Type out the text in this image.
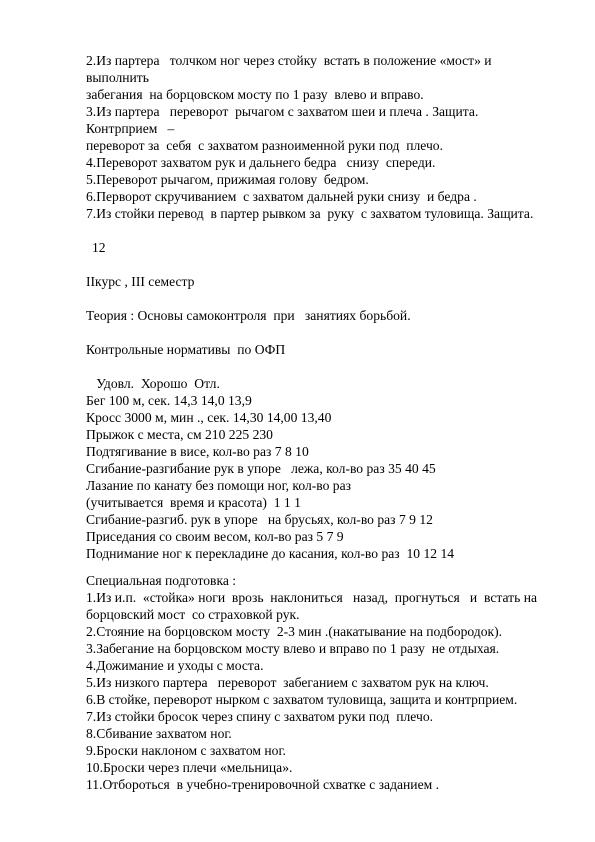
2.Из партера   толчком ног через стойку  встать в положение «мост» и

выполнить

забегания  на борцовском мосту по 1 разу  влево и вправо.

3.Из партера   переворот  рычагом с захватом шеи и плеча . Защита.

Контрприем   –

переворот за  себя  с захватом разноименной руки под  плечо.

4.Переворот захватом рук и дальнего бедра   снизу  спереди.

5.Переворот рычагом, прижимая голову  бедром.

6.Перворот скручиванием  с захватом дальней руки снизу  и бедра .

7.Из стойки перевод  в партер рывком за  руку  с захватом туловища. Защита.

12

IIкурс , III семестр

Теория : Основы самоконтроля  при   занятиях борьбой.

Контрольные нормативы  по ОФП

Удовл.  Хорошо  Отл.

Бег 100 м, сек. 14,3 14,0 13,9

Кросс 3000 м, мин ., сек. 14,30 14,00 13,40

Прыжок с места, см 210 225 230

Подтягивание в висе, кол-во раз 7 8 10

Сгибание-разгибание рук в упоре   лежа, кол-во раз 35 40 45

Лазание по канату без помощи ног, кол-во раз

(учитывается  время и красота)  1 1 1

Сгибание-разгиб. рук в упоре   на брусьях, кол-во раз 7 9 12

Приседания со своим весом, кол-во раз 5 7 9

Поднимание ног к перекладине до касания, кол-во раз  10 12 14

Специальная подготовка :

1.Из и.п.  «стойка» ноги  врозь  наклониться   назад,  прогнуться   и  встать на

борцовский мост  со страховкой рук.

2.Стояние на борцовском мосту  2-3 мин .(накатывание на подбородок).

3.Забегание на борцовском мосту влево и вправо по 1 разу  не отдыхая.

4.Дожимание и уходы с моста.

5.Из низкого партера   переворот  забеганием с захватом рук на ключ.

6.В стойке, переворот нырком с захватом туловища, защита и контрприем.

7.Из стойки бросок через спину с захватом руки под  плечо.

8.Сбивание захватом ног.

9.Броски наклоном с захватом ног.

10.Броски через плечи «мельница».

11.Отбороться  в учебно-тренировочной схватке с заданием .
